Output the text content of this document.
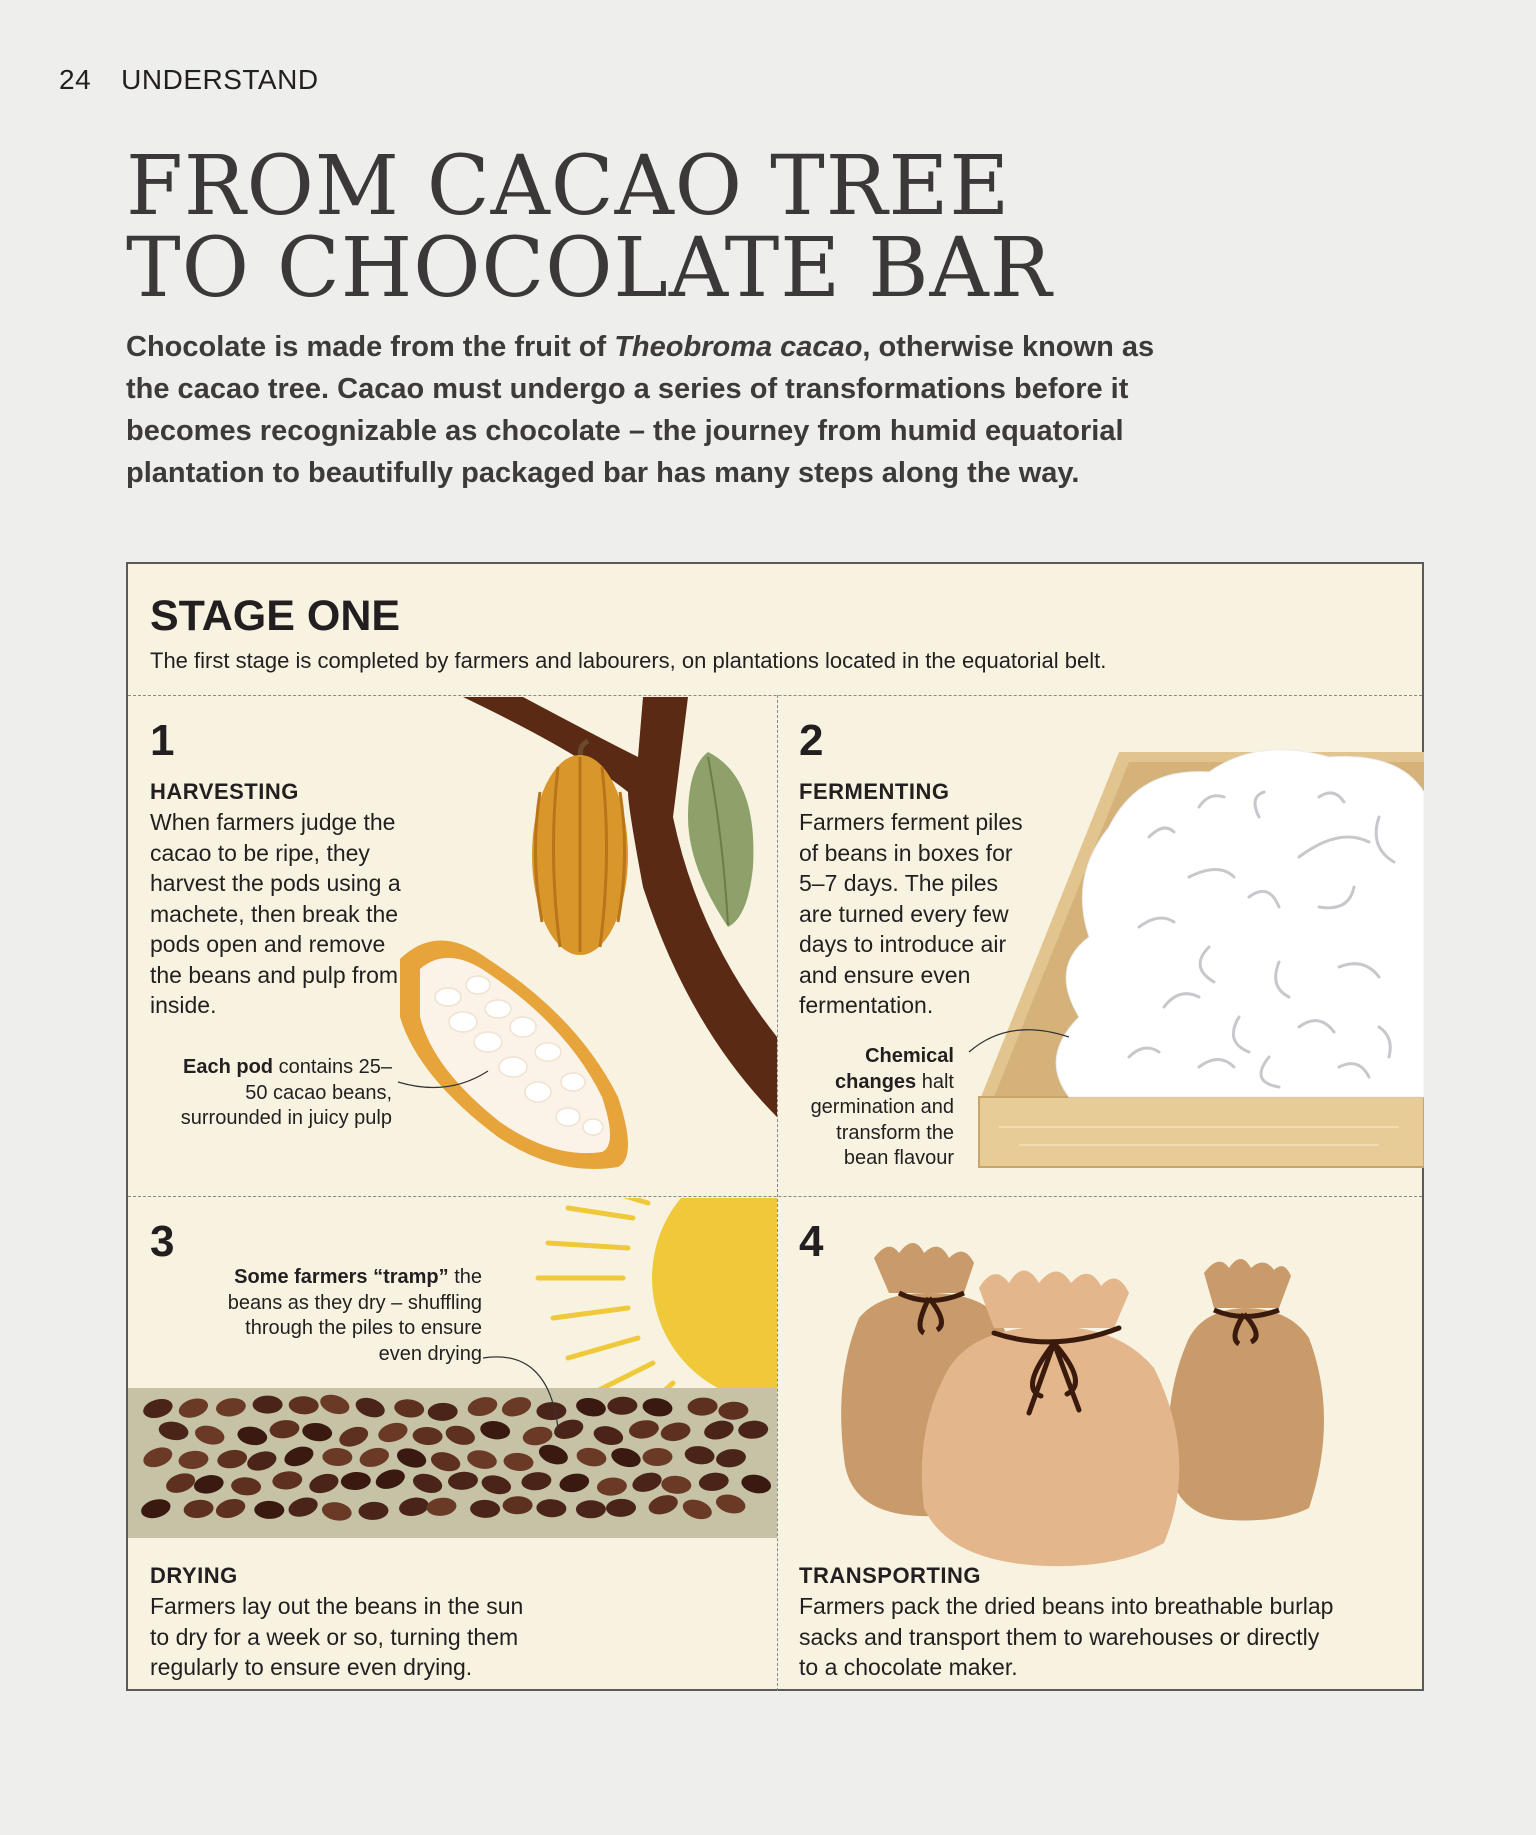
24 UNDERSTAND
FROM CACAO TREE
TO CHOCOLATE BAR

Chocolate is made from the fruit of Theobroma cacao, otherwise known as the cacao tree. Cacao must undergo a series of transformations before it becomes recognizable as chocolate – the journey from humid equatorial plantation to beautifully packaged bar has many steps along the way.

STAGE ONE

The first stage is completed by farmers and labourers, on plantations located in the equatorial belt.

1
HARVESTING
When farmers judge the cacao to be ripe, they harvest the pods using a machete, then break the pods open and remove the beans and pulp from inside.
Each pod contains 25–50 cacao beans, surrounded in juicy pulp
2
FERMENTING
Farmers ferment piles of beans in boxes for 5–7 days. The piles are turned every few days to introduce air and ensure even fermentation.
Chemical changes halt germination and transform the bean flavour
3
Some farmers “tramp” the beans as they dry – shuffling through the piles to ensure even drying
DRYING
Farmers lay out the beans in the sun to dry for a week or so, turning them regularly to ensure even drying.
4
TRANSPORTING
Farmers pack the dried beans into breathable burlap sacks and transport them to warehouses or directly to a chocolate maker.
